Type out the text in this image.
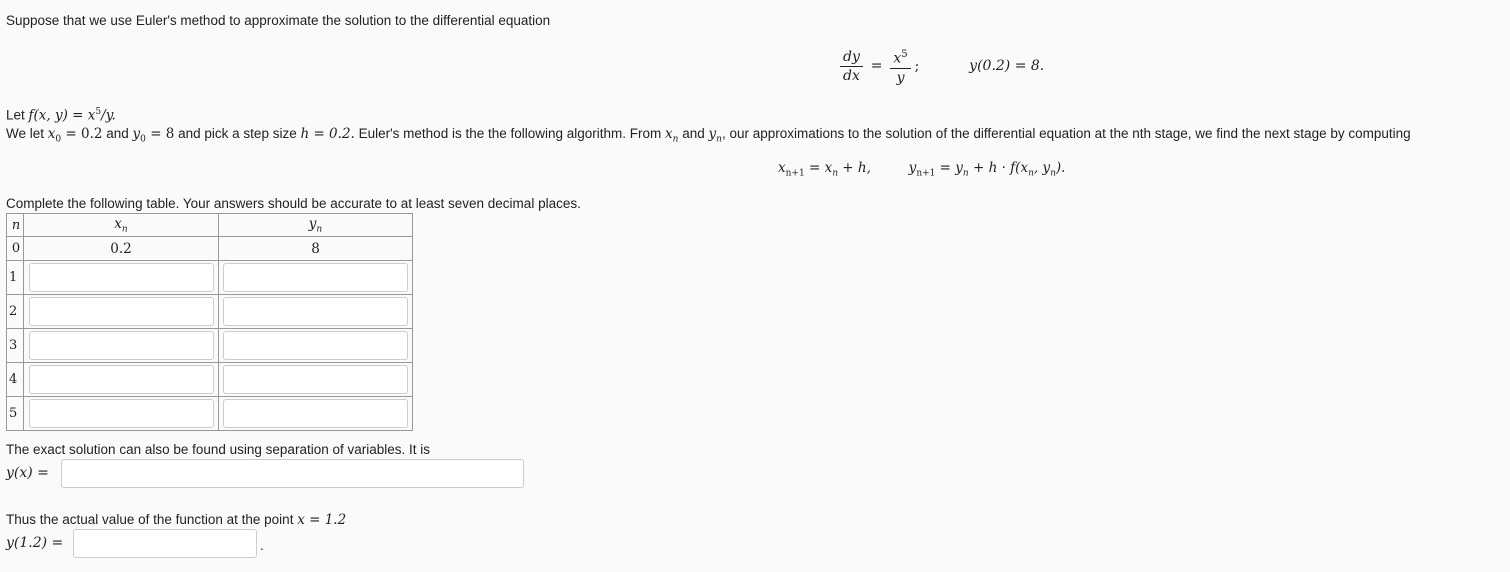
Suppose that we use Euler's method to approximate the solution to the differential equation
$\frac{dy}{dx} = \frac{x^5}{y}$ ;	y(0.2) = 8.
Let f(x, $y) = x^5/y$.
We let $x_0 = 0.2$ and $y_0 = 8$ and pick a step size h = 0.2. Euler's method is the the following algorithm. From $x_n$ and $y_n$, our approximations to the solution of the differential equation at the nth stage, we find the next stage by computing
$x_{n+1} = x_n + h$,	$y_{n+1} = y_n + h \cdot f(x_n$, $y_n$).
Complete the following table. Your answers should be accurate to at least seven decimal places.
n	$x_n$	$y_n$
0	0.2	8
1	

2	

3	

4	

5	

The exact solution can also be found using separation of variables. It is
y(x) =
Thus the actual value of the function at the point x = 1.2
y(1.2) =	.
